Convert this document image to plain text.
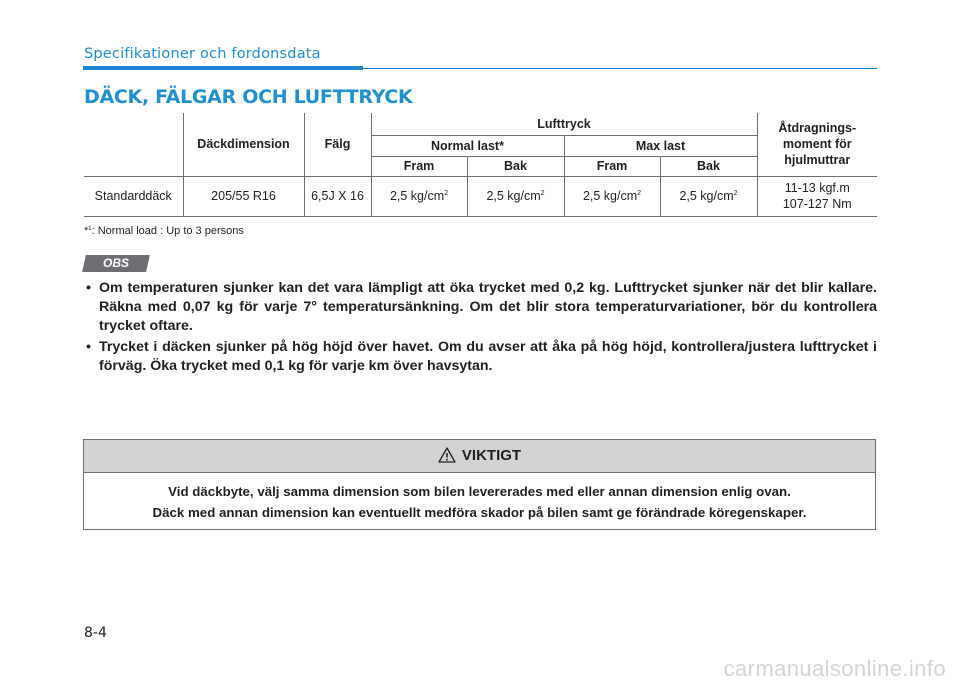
Specifikationer och fordonsdata
DÄCK, FÄLGAR OCH LUFTTRYCK
	Däckdimension	Fälg	Lufttryck				Åtdragnings-moment för hjulmuttrar

			Normal last*		Max last		
			Fram	Bak	Fram	Bak	
Standarddäck	205/55 R16	6,5J X 16	2,5 $kg/cm^2$	2,5 $kg/cm^2$	2,5 $kg/cm^2$	2,5 $kg/cm^2$	11-13 kgf.m
107-127 Nm
*$^1$: Normal load : Up to 3 persons
OBS
• Om temperaturen sjunker kan det vara lämpligt att öka trycket med 0,2 kg. Lufttrycket sjunker när det blir kallare. Räkna med 0,07 kg för varje 7° temperatursänkning. Om det blir stora temperaturvariationer, bör du kontrollera trycket oftare.
• Trycket i däcken sjunker på hög höjd över havet. Om du avser att åka på hög höjd, kontrollera/justera lufttrycket i förväg. Öka trycket med 0,1 kg för varje km över havsytan.
VIKTIGT
Vid däckbyte, välj samma dimension som bilen levererades med eller annan dimension enlig ovan.
Däck med annan dimension kan eventuellt medföra skador på bilen samt ge förändrade köregenskaper.
8-4
carmanualsonline.info
